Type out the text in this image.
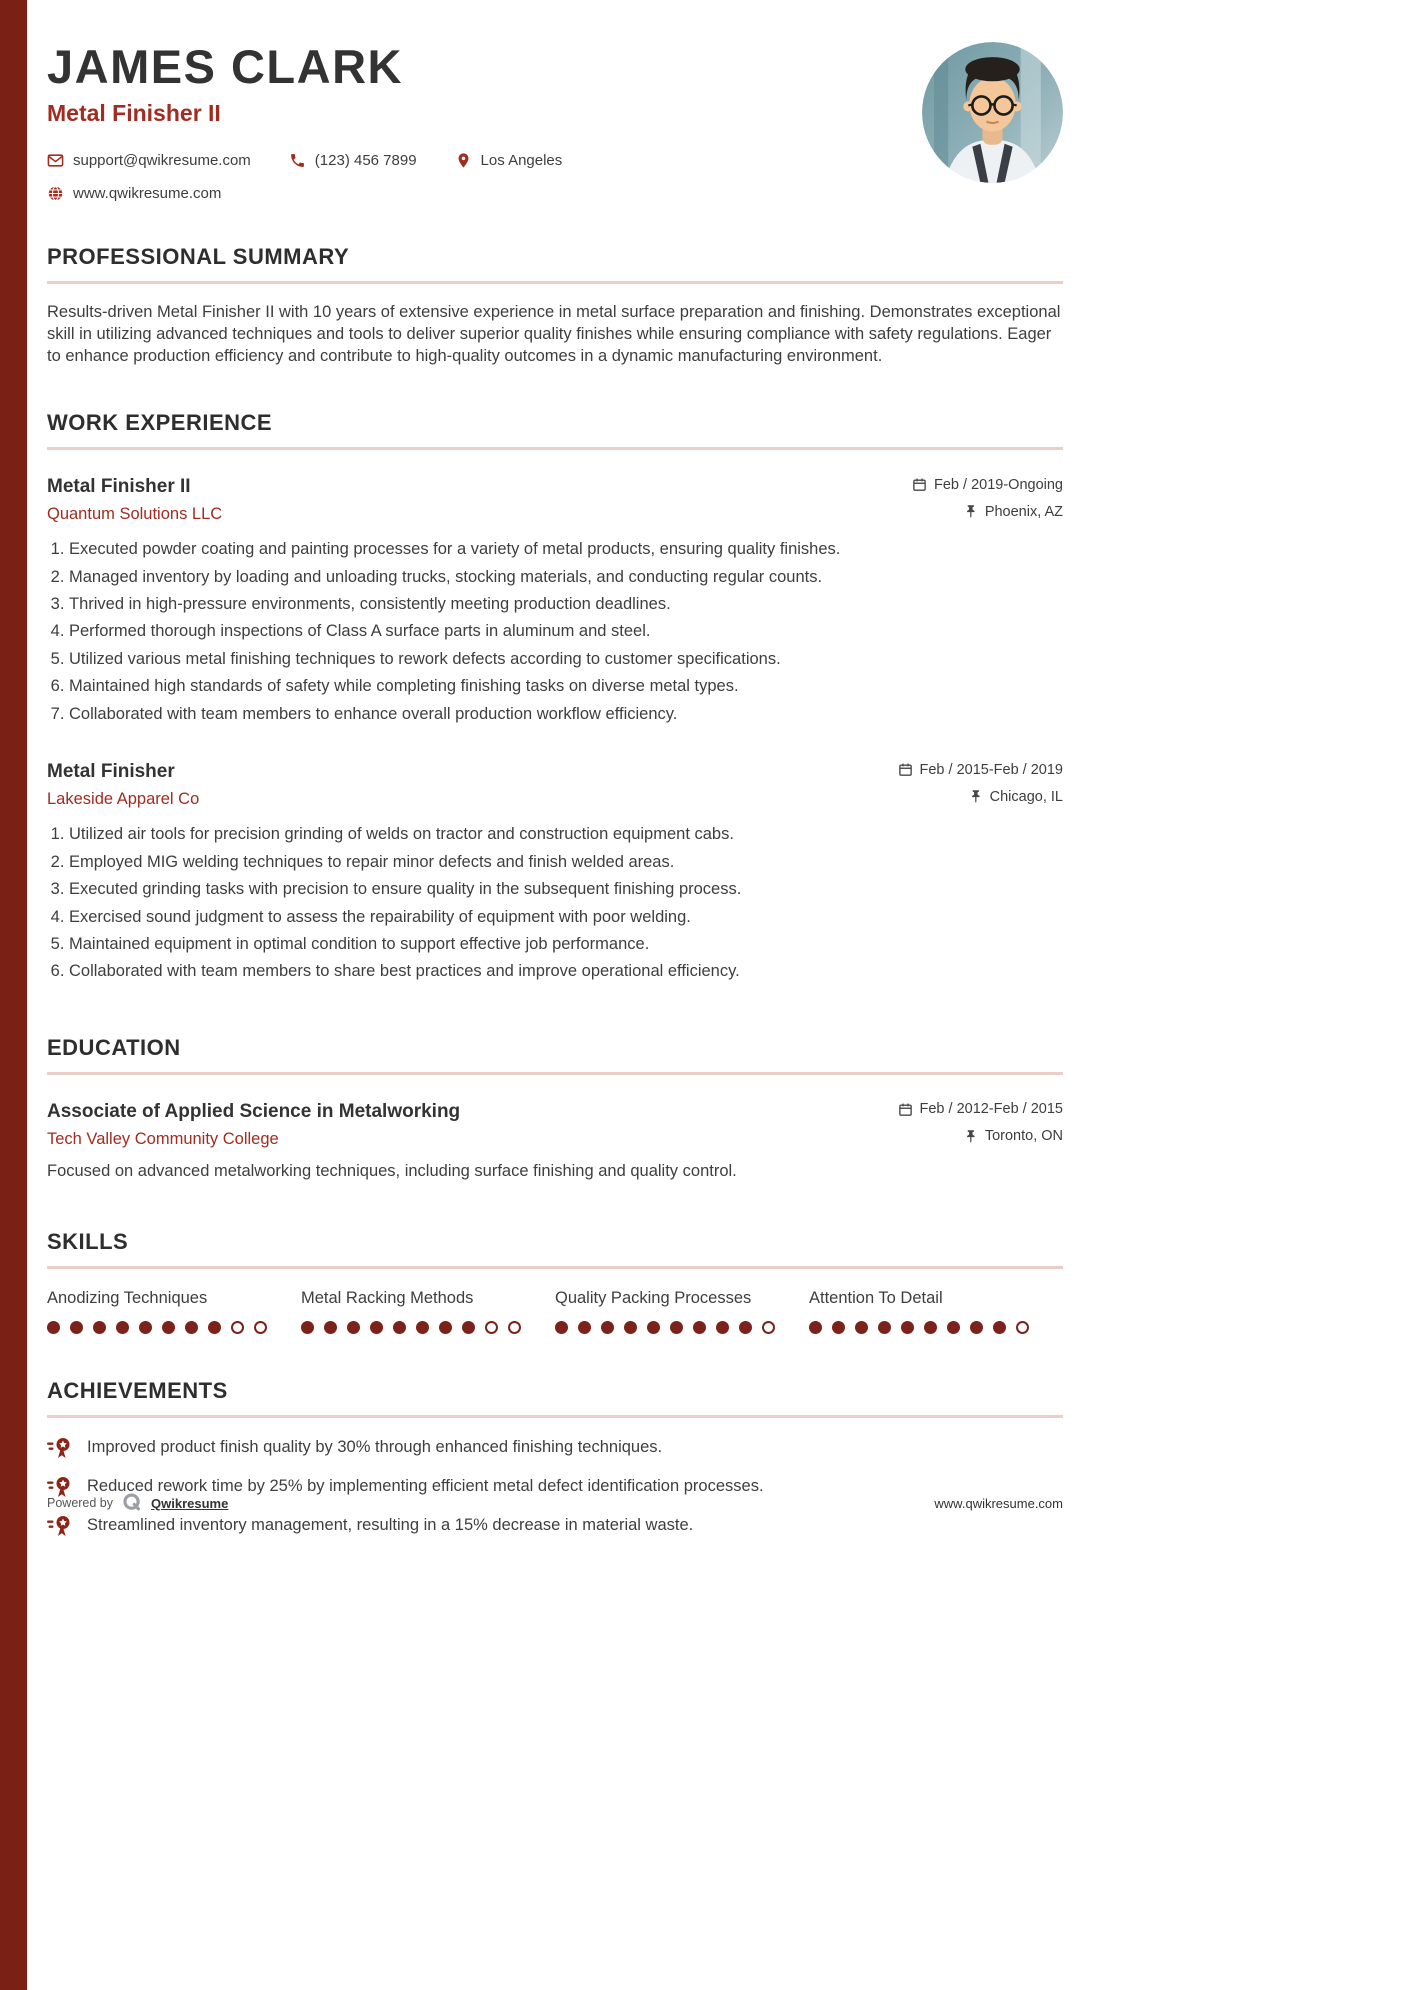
JAMES CLARK
Metal Finisher II
support@qwikresume.com	(123) 456 7899	Los Angeles
www.qwikresume.com
PROFESSIONAL SUMMARY

Results-driven Metal Finisher II with 10 years of extensive experience in metal surface preparation and finishing. Demonstrates exceptional skill in utilizing advanced techniques and tools to deliver superior quality finishes while ensuring compliance with safety regulations. Eager to enhance production efficiency and contribute to high-quality outcomes in a dynamic manufacturing environment.

WORK EXPERIENCE
Metal Finisher II	Feb / 2019-Ongoing
Quantum Solutions LLC	Phoenix, AZ
1. Executed powder coating and painting processes for a variety of metal products, ensuring quality finishes.
2. Managed inventory by loading and unloading trucks, stocking materials, and conducting regular counts.
3. Thrived in high-pressure environments, consistently meeting production deadlines.
4. Performed thorough inspections of Class A surface parts in aluminum and steel.
5. Utilized various metal finishing techniques to rework defects according to customer specifications.
6. Maintained high standards of safety while completing finishing tasks on diverse metal types.
7. Collaborated with team members to enhance overall production workflow efficiency.
Metal Finisher	Feb / 2015-Feb / 2019
Lakeside Apparel Co	Chicago, IL
1. Utilized air tools for precision grinding of welds on tractor and construction equipment cabs.
2. Employed MIG welding techniques to repair minor defects and finish welded areas.
3. Executed grinding tasks with precision to ensure quality in the subsequent finishing process.
4. Exercised sound judgment to assess the repairability of equipment with poor welding.
5. Maintained equipment in optimal condition to support effective job performance.
6. Collaborated with team members to share best practices and improve operational efficiency.
EDUCATION
Associate of Applied Science in Metalworking	Feb / 2012-Feb / 2015
Tech Valley Community College	Toronto, ON

Focused on advanced metalworking techniques, including surface finishing and quality control.

SKILLS
Anodizing Techniques	Metal Racking Methods	Quality Packing Processes	Attention To Detail
ACHIEVEMENTS
Improved product finish quality by 30% through enhanced finishing techniques.
Reduced rework time by 25% by implementing efficient metal defect identification processes.
Streamlined inventory management, resulting in a 15% decrease in material waste.
Powered by	Qwikresume	www.qwikresume.com
